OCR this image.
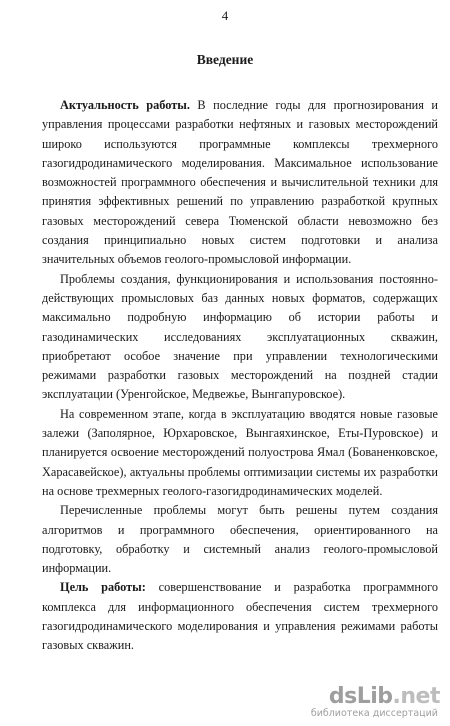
4
Введение

Актуальность работы. В последние годы для прогнозирования и управления процессами разработки нефтяных и газовых месторождений широко используются программные комплексы трехмерного газогидродинамического моделирования. Максимальное использование возможностей программного обеспечения и вычислительной техники для принятия эффективных решений по управлению разработкой крупных газовых месторождений севера Тюменской области невозможно без создания принципиально новых систем подготовки и анализа значительных объемов геолого-промысловой информации.

Проблемы создания, функционирования и использования постоянно-действующих промысловых баз данных новых форматов, содержащих максимально подробную информацию об истории работы и газодинамических исследованиях эксплуатационных скважин, приобретают особое значение при управлении технологическими режимами разработки газовых месторождений на поздней стадии эксплуатации (Уренгойское, Медвежье, Вынгапуровское).

На современном этапе, когда в эксплуатацию вводятся новые газовые залежи (Заполярное, Юрхаровское, Вынгаяхинское, Еты-Пуровское) и планируется освоение месторождений полуострова Ямал (Бованенковское, Харасавейское), актуальны проблемы оптимизации системы их разработки на основе трехмерных геолого-газогидродинамических моделей.

Перечисленные проблемы могут быть решены путем создания алгоритмов и программного обеспечения, ориентированного на подготовку, обработку и системный анализ геолого-промысловой информации.

Цель работы: совершенствование и разработка программного комплекса для информационного обеспечения систем трехмерного газогидродинамического моделирования и управления режимами работы газовых скважин.

dsLib.net
библиотека диссертаций
